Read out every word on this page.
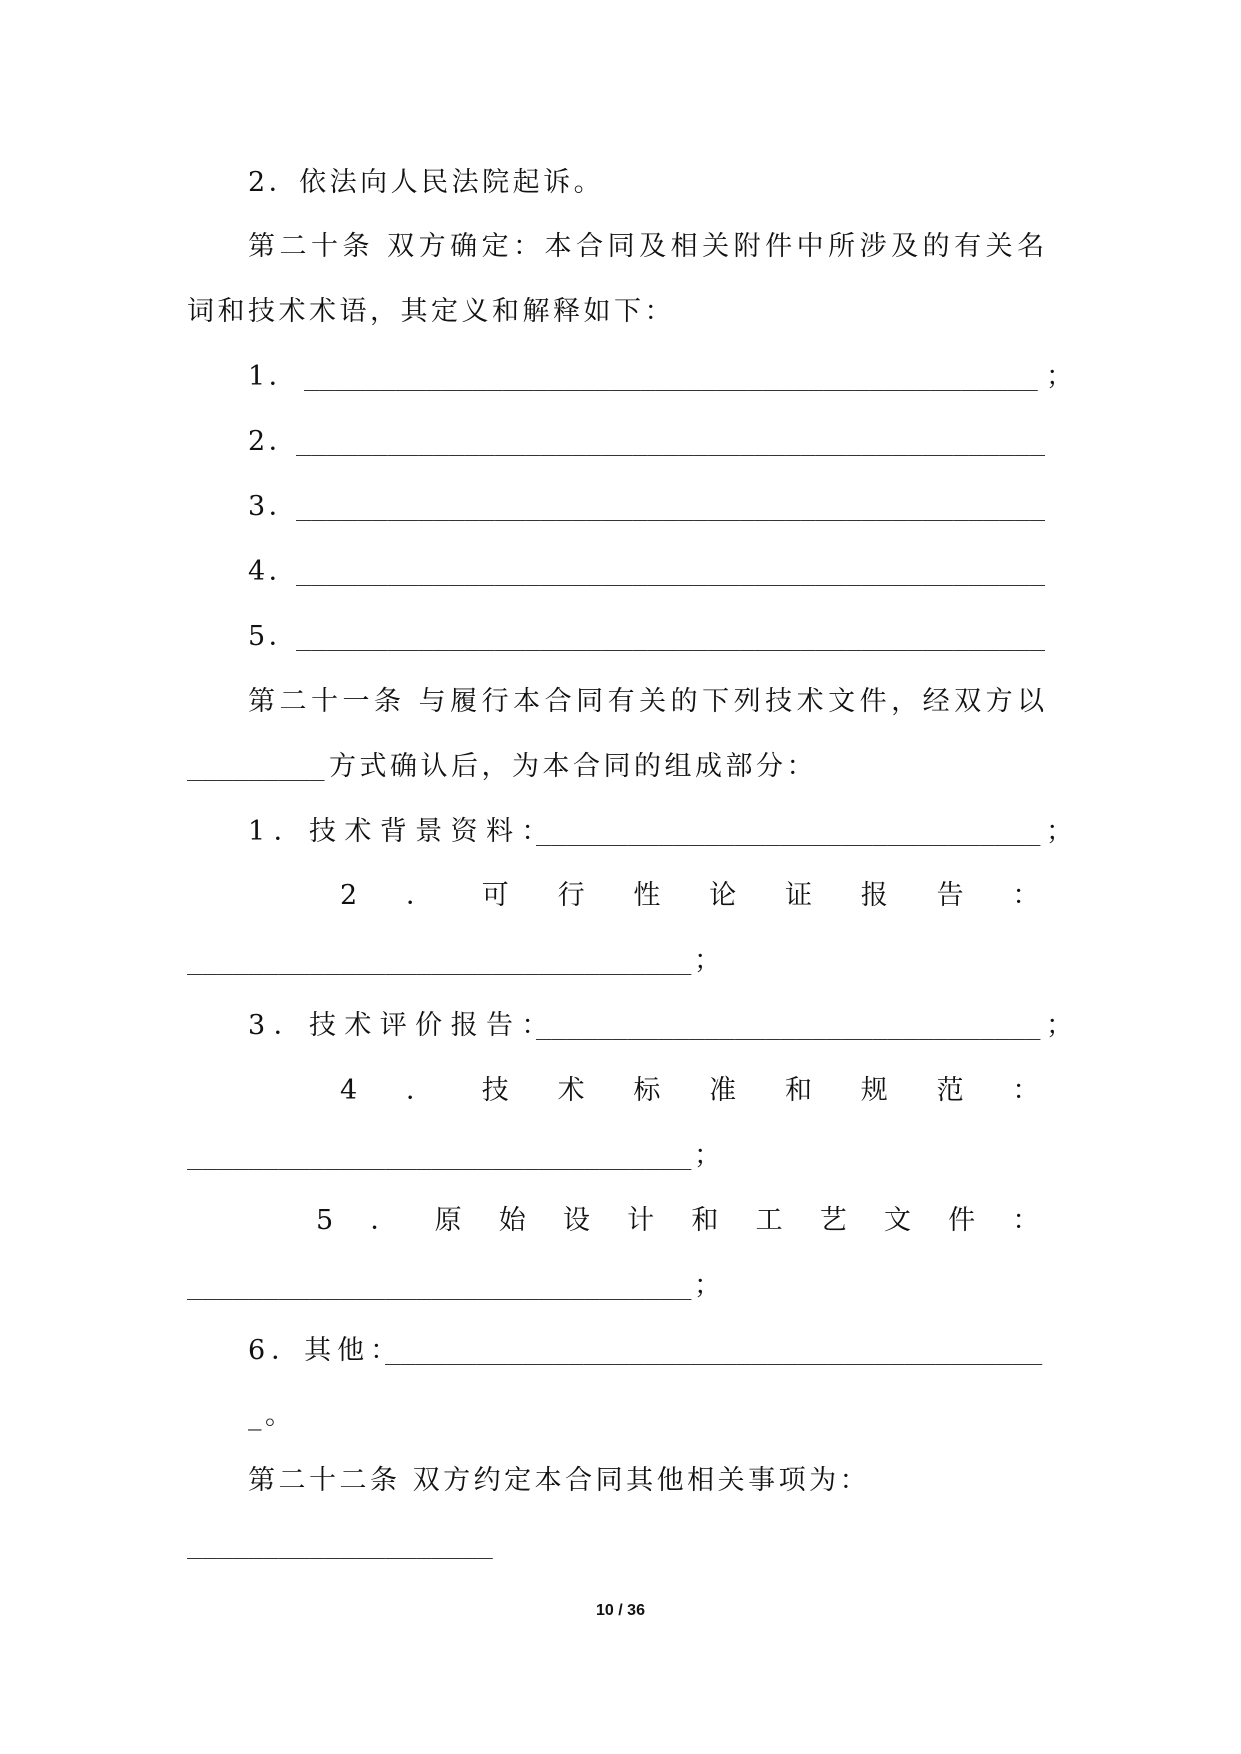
2．依法向人民法院起诉。
第二十条 双方确定：本合同及相关附件中所涉及的有关名
词和技术术语，其定义和解释如下：
1． ________________________________________________ ；
2．
_________________________________________________
3．
_________________________________________________
4．
_________________________________________________
5．
_________________________________________________
第二十一条 与履行本合同有关的下列技术文件，经双方以
_________ 方式确认后，为本合同的组成部分：
1．技术背景资料：
_________________________________ ；
2．可行性论证报告：
_________________________________ ；
3．技术评价报告：
_________________________________ ；
4．技术标准和规范：
_________________________________ ；
5．原始设计和工艺文件：
_________________________________ ；
6．其他：
___________________________________________
_。
第二十二条 双方约定本合同其他相关事项为：
____________________
10 / 36
